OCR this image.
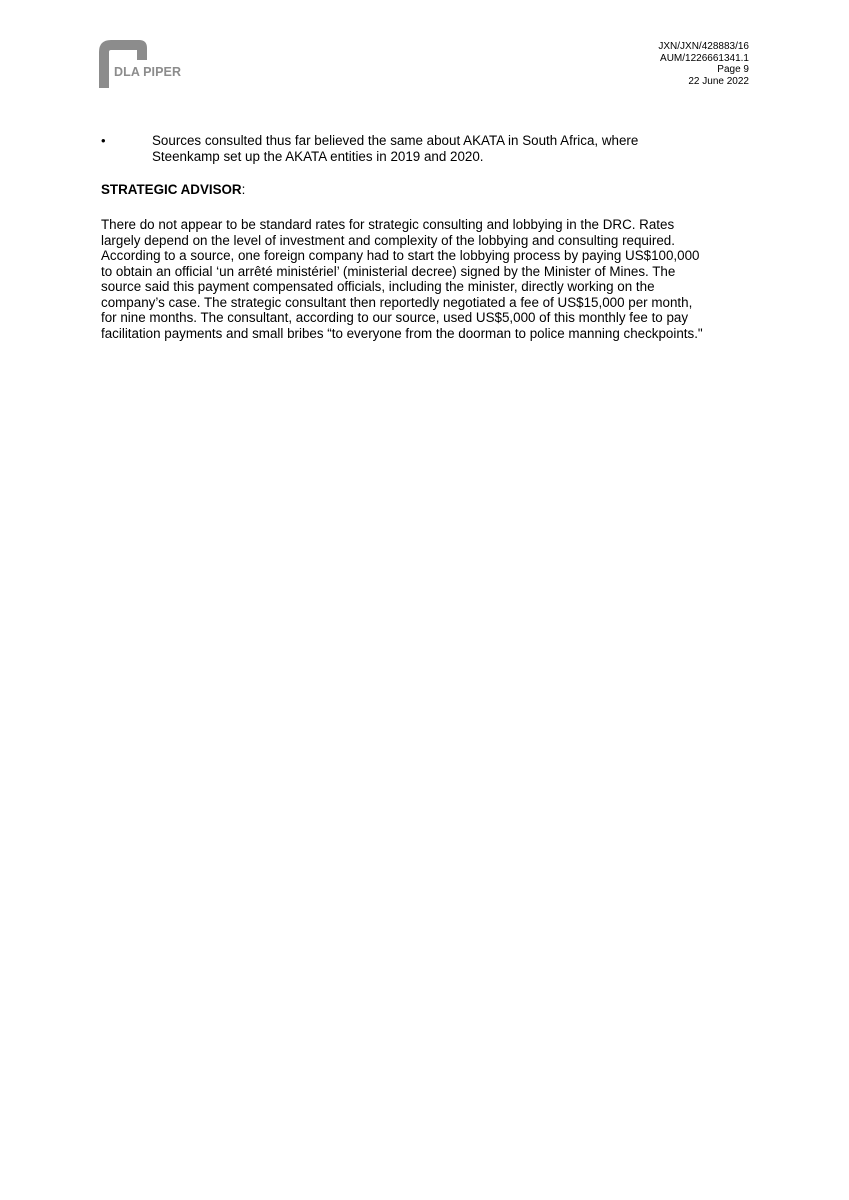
DLA PIPER
JXN/JXN/428883/16
AUM/1226661341.1
Page 9
22 June 2022
•	Sources consulted thus far believed the same about AKATA in South Africa, where
Steenkamp set up the AKATA entities in 2019 and 2020.
STRATEGIC ADVISOR:
There do not appear to be standard rates for strategic consulting and lobbying in the DRC. Rates
largely depend on the level of investment and complexity of the lobbying and consulting required.
According to a source, one foreign company had to start the lobbying process by paying US$100,000
to obtain an official ‘un arrêté ministériel’ (ministerial decree) signed by the Minister of Mines. The
source said this payment compensated officials, including the minister, directly working on the
company’s case. The strategic consultant then reportedly negotiated a fee of US$15,000 per month,
for nine months. The consultant, according to our source, used US$5,000 of this monthly fee to pay
facilitation payments and small bribes “to everyone from the doorman to police manning checkpoints."
